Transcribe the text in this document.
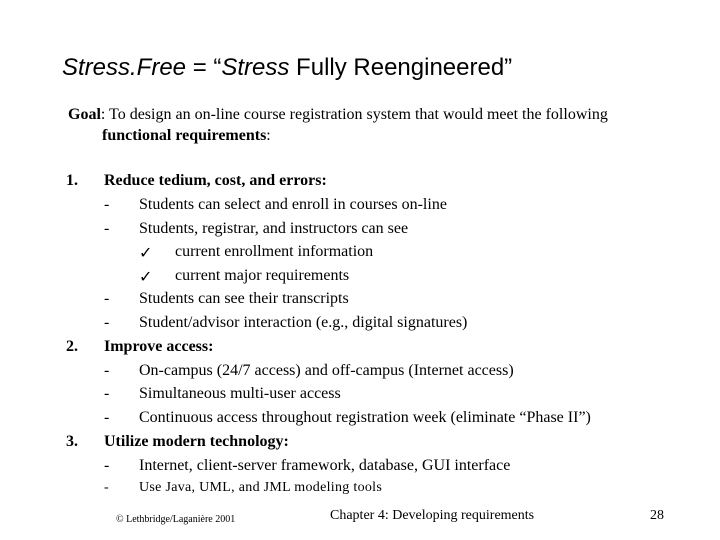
Stress.Free = “Stress Fully Reengineered”
Goal: To design an on-line course registration system that would meet the following
functional requirements:
1. Reduce tedium, cost, and errors:
- Students can select and enroll in courses on-line
- Students, registrar, and instructors can see
✓ current enrollment information
✓ current major requirements
- Students can see their transcripts
- Student/advisor interaction (e.g., digital signatures)
2. Improve access:
- On-campus (24/7 access) and off-campus (Internet access)
- Simultaneous multi-user access
- Continuous access throughout registration week (eliminate “Phase II”)
3. Utilize modern technology:
- Internet, client-server framework, database, GUI interface
- Use Java, UML, and JML modeling tools
© Lethbridge/Laganière 2001	Chapter 4: Developing requirements	28
